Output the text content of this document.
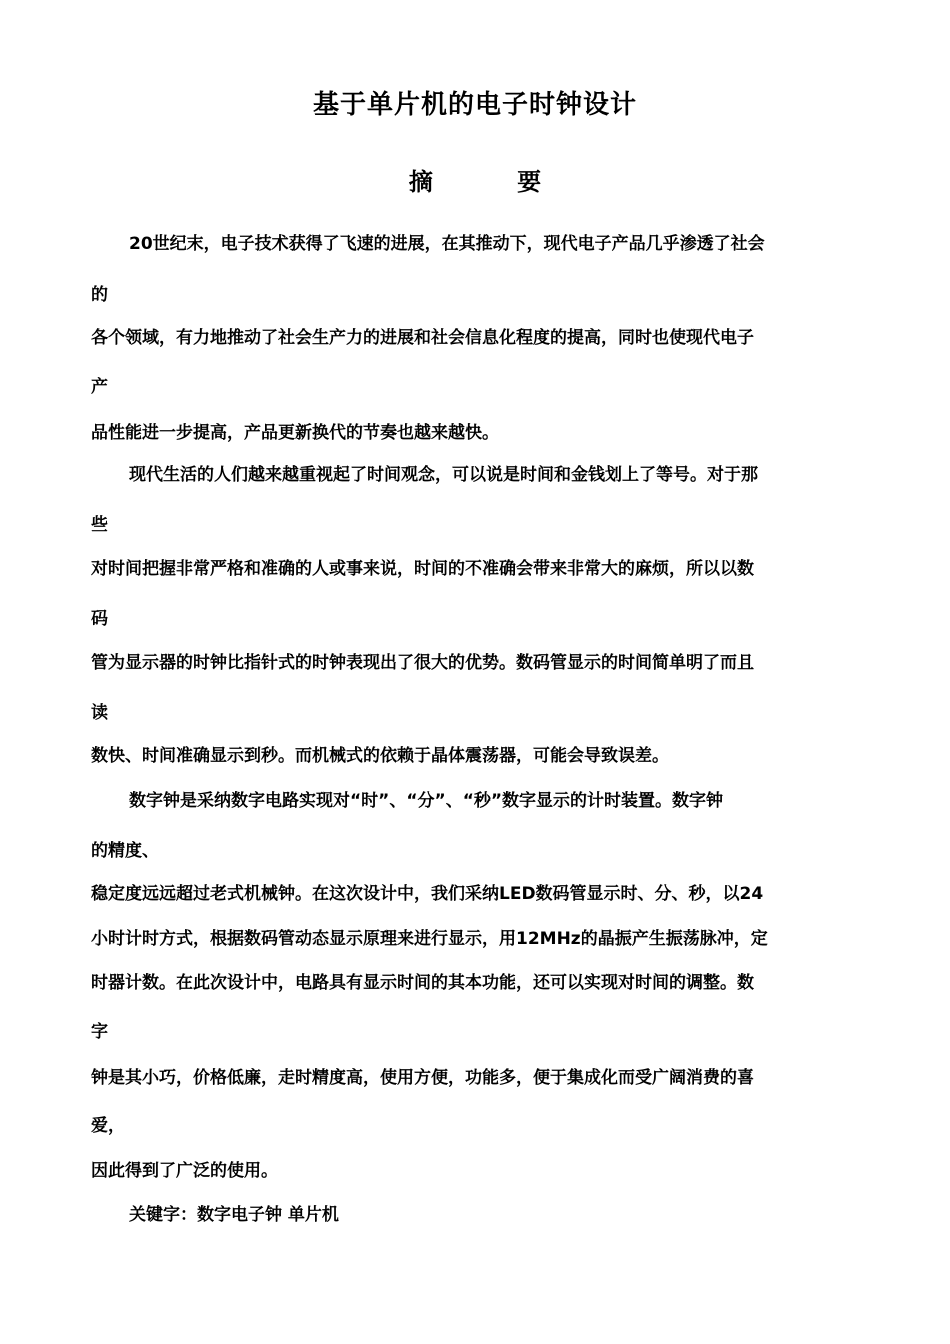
基于单片机的电子时钟设计
摘 要
20世纪末，电子技术获得了飞速的进展，在其推动下，现代电子产品几乎渗透了社会
的
各个领域，有力地推动了社会生产力的进展和社会信息化程度的提高，同时也使现代电子
产
品性能进一步提高，产品更新换代的节奏也越来越快。
现代生活的人们越来越重视起了时间观念，可以说是时间和金钱划上了等号。对于那
些
对时间把握非常严格和准确的人或事来说，时间的不准确会带来非常大的麻烦，所以以数
码
管为显示器的时钟比指针式的时钟表现出了很大的优势。数码管显示的时间简单明了而且
读
数快、时间准确显示到秒。而机械式的依赖于晶体震荡器，可能会导致误差。
数字钟是采纳数字电路实现对“时”、“分”、“秒”数字显示的计时装置。数字钟
的精度、
稳定度远远超过老式机械钟。在这次设计中，我们采纳LED数码管显示时、分、秒，以24
小时计时方式，根据数码管动态显示原理来进行显示，用12MHz的晶振产生振荡脉冲，定
时器计数。在此次设计中，电路具有显示时间的其本功能，还可以实现对时间的调整。数
字
钟是其小巧，价格低廉，走时精度高，使用方便，功能多，便于集成化而受广阔消费的喜
爱，
因此得到了广泛的使用。
关键字：数字电子钟 单片机
